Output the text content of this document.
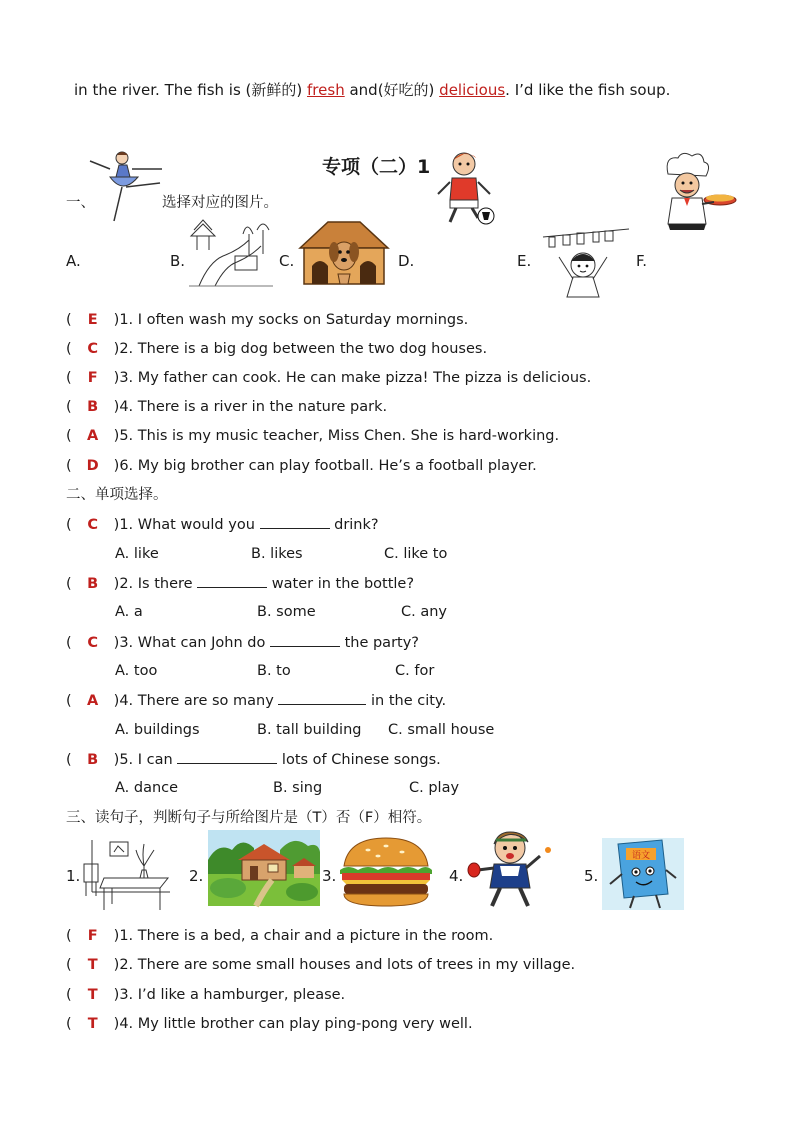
in the river. The fish is (新鲜的) fresh and(好吃的) delicious. I’d like the fish soup.
专项（二）1
一、	选择对应的图片。
A.	B.	C.	D.	E.	F.
( E )1. I often wash my socks on Saturday mornings.
( C )2. There is a big dog between the two dog houses.
( F )3. My father can cook. He can make pizza! The pizza is delicious.
( B )4. There is a river in the nature park.
( A )5. This is my music teacher, Miss Chen. She is hard-working.
( D )6. My big brother can play football. He’s a football player.
二、单项选择。
( C )1. What would you	drink?
A. like	B. likes	C. like to
( B )2. Is there	water in the bottle?
A. a	B. some	C. any
( C )3. What can John do	the party?
A. too	B. to	C. for
( A )4. There are so many	in the city.
A. buildings	B. tall building C. small house
( B )5. I can	lots of Chinese songs.
A. dance	B. sing	C. play
三、读句子，判断句子与所给图片是（T）否（F）相符。
1.	2.	3.	4.	5.
语文
( F )1. There is a bed, a chair and a picture in the room.
( T )2. There are some small houses and lots of trees in my village.
( T )3. I’d like a hamburger, please.
( T )4. My little brother can play ping-pong very well.
